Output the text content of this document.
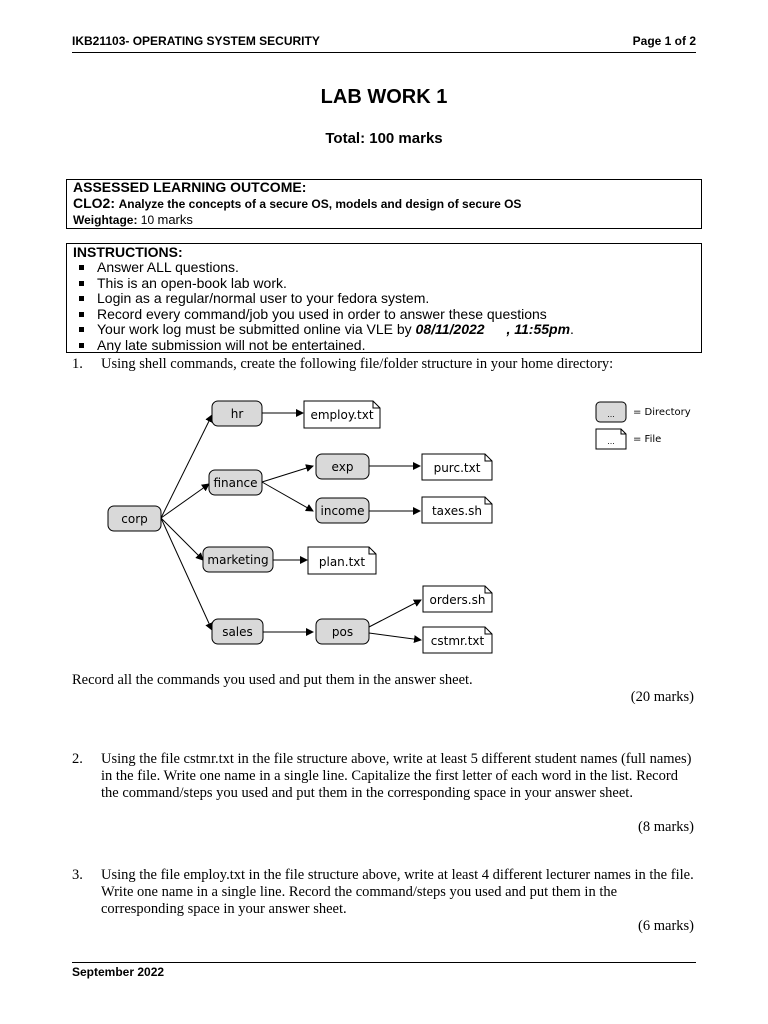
IKB21103- OPERATING SYSTEM SECURITY	Page 1 of 2
LAB WORK 1
Total: 100 marks
ASSESSED LEARNING OUTCOME:
CLO2: Analyze the concepts of a secure OS, models and design of secure OS
Weightage: 10 marks
INSTRUCTIONS:
Answer ALL questions.
This is an open-book lab work.
Login as a regular/normal user to your fedora system.
Record every command/job you used in order to answer these questions
Your work log must be submitted online via VLE by 08/11/2022 , 11:55pm.
Any late submission will not be entertained.
1. Using shell commands, create the following file/folder structure in your home directory:
corp
hr
finance
marketing
sales
exp
income
pos
employ.txt
purc.txt
taxes.sh
plan.txt
orders.sh
cstmr.txt
... = Directory
... = File
Record all the commands you used and put them in the answer sheet.
(20 marks)
2. Using the file cstmr.txt in the file structure above, write at least 5 different student names (full names) in the file. Write one name in a single line. Capitalize the first letter of each word in the list. Record the command/steps you used and put them in the corresponding space in your answer sheet.
(8 marks)
3. Using the file employ.txt in the file structure above, write at least 4 different lecturer names in the file. Write one name in a single line. Record the command/steps you used and put them in the corresponding space in your answer sheet.
(6 marks)
September 2022
